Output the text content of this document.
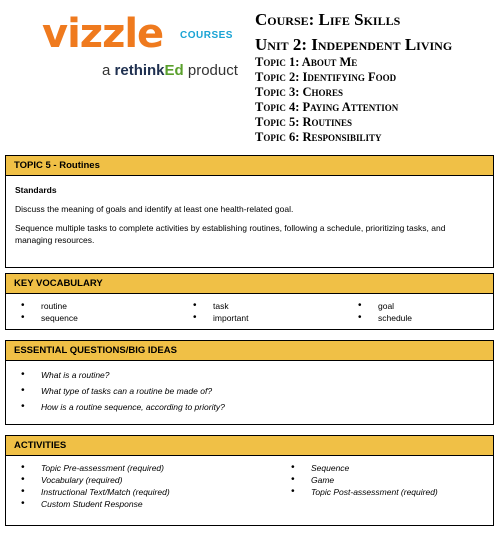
vizzle COURSES
a rethinkEd product
Course: Life Skills
Unit 2: Independent Living
Topic 1: About Me
Topic 2: Identifying Food
Topic 3: Chores
Topic 4: Paying Attention
Topic 5: Routines
Topic 6: Responsibility
TOPIC 5 - Routines
Standards
Discuss the meaning of goals and identify at least one health-related goal.
Sequence multiple tasks to complete activities by establishing routines, following a schedule, prioritizing tasks, and managing resources.
KEY VOCABULARY
• routine
• sequence
• task
• important
• goal
• schedule
ESSENTIAL QUESTIONS/BIG IDEAS
• What is a routine?
• What type of tasks can a routine be made of?
• How is a routine sequence, according to priority?
ACTIVITIES
• Topic Pre-assessment (required)
• Vocabulary (required)
• Instructional Text/Match (required)
• Custom Student Response
• Sequence
• Game
• Topic Post-assessment (required)
